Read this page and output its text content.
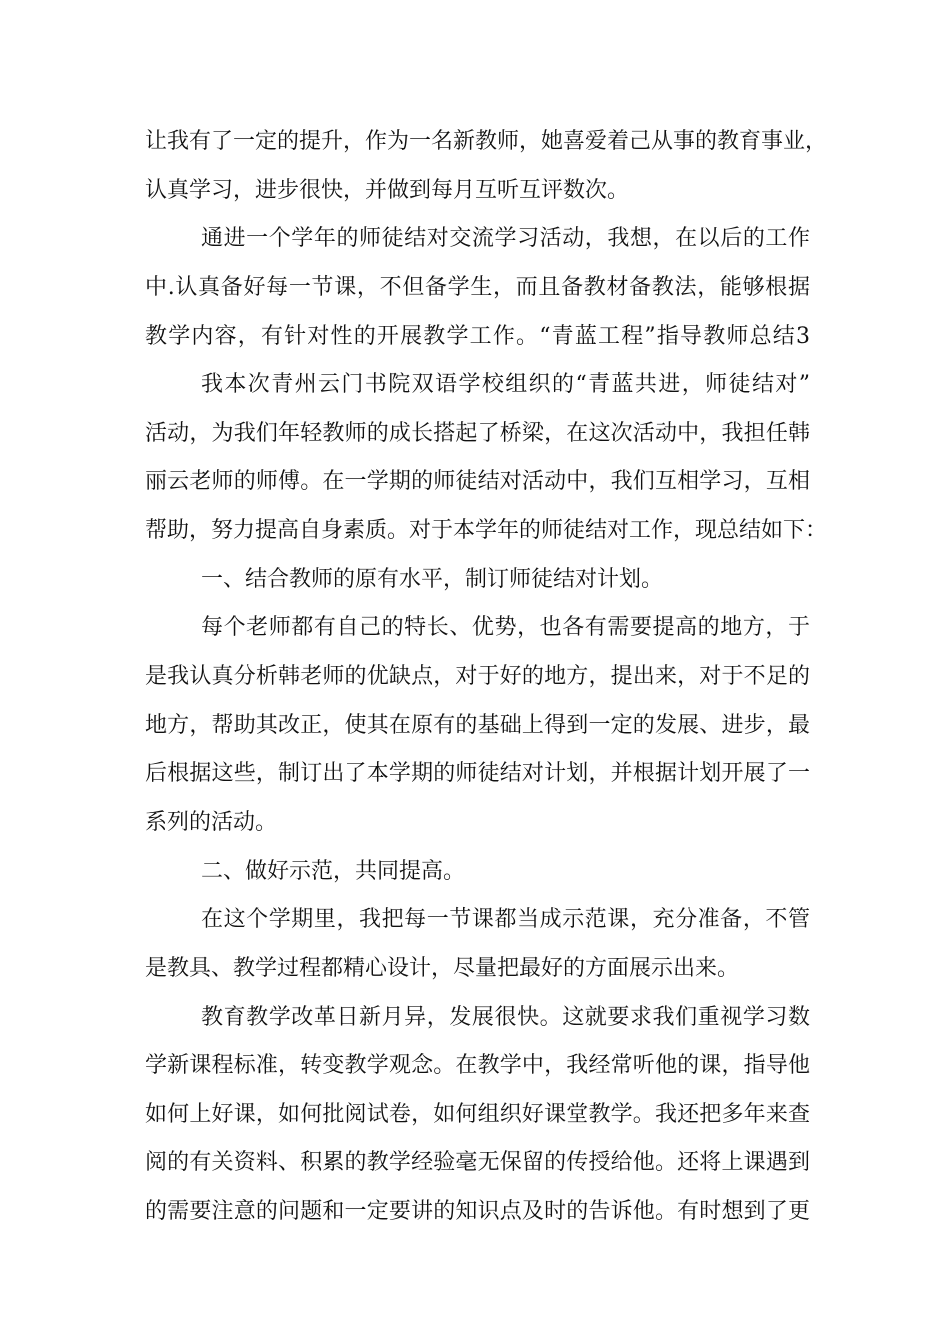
让我有了一定的提升，作为一名新教师，她喜爱着己从事的教育事业，
认真学习，进步很快，并做到每月互听互评数次。
通进一个学年的师徒结对交流学习活动，我想，在以后的工作
中.认真备好每一节课，不但备学生，而且备教材备教法，能够根据
教学内容，有针对性的开展教学工作。“青蓝工程”指导教师总结3
我本次青州云门书院双语学校组织的“青蓝共进，师徒结对”
活动，为我们年轻教师的成长搭起了桥梁，在这次活动中，我担任韩
丽云老师的师傅。在一学期的师徒结对活动中，我们互相学习，互相
帮助，努力提高自身素质。对于本学年的师徒结对工作，现总结如下：
一、结合教师的原有水平，制订师徒结对计划。
每个老师都有自己的特长、优势，也各有需要提高的地方，于
是我认真分析韩老师的优缺点，对于好的地方，提出来，对于不足的
地方，帮助其改正，使其在原有的基础上得到一定的发展、进步，最
后根据这些，制订出了本学期的师徒结对计划，并根据计划开展了一
系列的活动。
二、做好示范，共同提高。
在这个学期里，我把每一节课都当成示范课，充分准备，不管
是教具、教学过程都精心设计，尽量把最好的方面展示出来。
教育教学改革日新月异，发展很快。这就要求我们重视学习数
学新课程标准，转变教学观念。在教学中，我经常听他的课，指导他
如何上好课，如何批阅试卷，如何组织好课堂教学。我还把多年来查
阅的有关资料、积累的教学经验毫无保留的传授给他。还将上课遇到
的需要注意的问题和一定要讲的知识点及时的告诉他。有时想到了更
